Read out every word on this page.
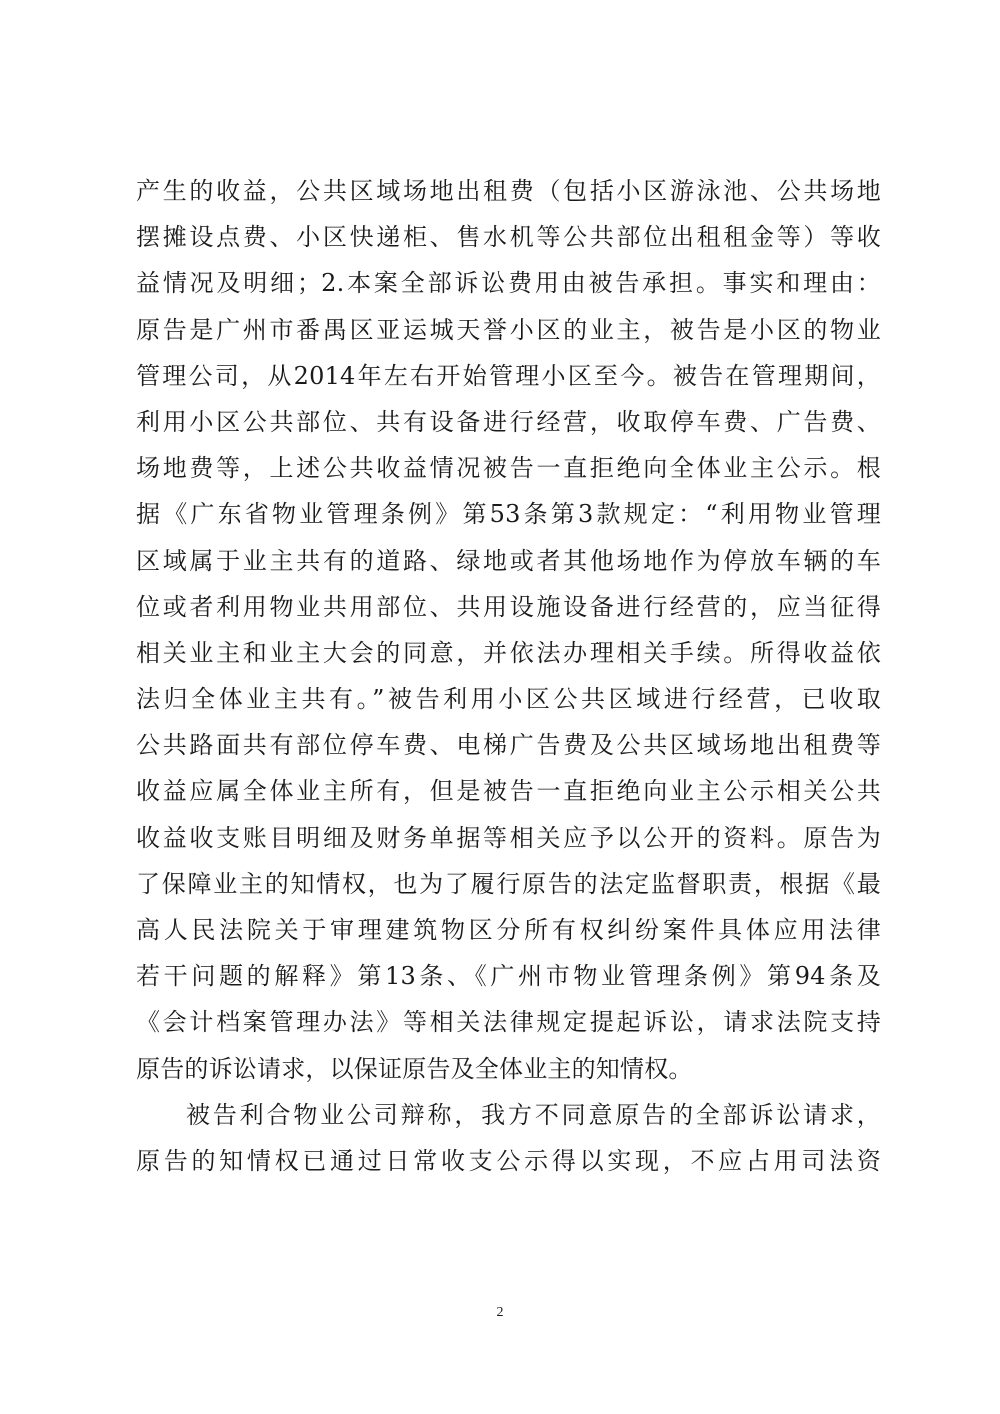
产生的收益，公共区域场地出租费（包括小区游泳池、公共场地
摆摊设点费、小区快递柜、售水机等公共部位出租租金等）等收
益情况及明细；2.本案全部诉讼费用由被告承担。事实和理由：
原告是广州市番禺区亚运城天誉小区的业主，被告是小区的物业
管理公司，从2014年左右开始管理小区至今。被告在管理期间，
利用小区公共部位、共有设备进行经营，收取停车费、广告费、
场地费等，上述公共收益情况被告一直拒绝向全体业主公示。根
据《广东省物业管理条例》第53条第3款规定：“利用物业管理
区域属于业主共有的道路、绿地或者其他场地作为停放车辆的车
位或者利用物业共用部位、共用设施设备进行经营的，应当征得
相关业主和业主大会的同意，并依法办理相关手续。所得收益依
法归全体业主共有。”被告利用小区公共区域进行经营，已收取
公共路面共有部位停车费、电梯广告费及公共区域场地出租费等
收益应属全体业主所有，但是被告一直拒绝向业主公示相关公共
收益收支账目明细及财务单据等相关应予以公开的资料。原告为
了保障业主的知情权，也为了履行原告的法定监督职责，根据《最
高人民法院关于审理建筑物区分所有权纠纷案件具体应用法律
若干问题的解释》第13条、《广州市物业管理条例》第94条及
《会计档案管理办法》等相关法律规定提起诉讼，请求法院支持
原告的诉讼请求，以保证原告及全体业主的知情权。
被告利合物业公司辩称，我方不同意原告的全部诉讼请求，
原告的知情权已通过日常收支公示得以实现，不应占用司法资
2
